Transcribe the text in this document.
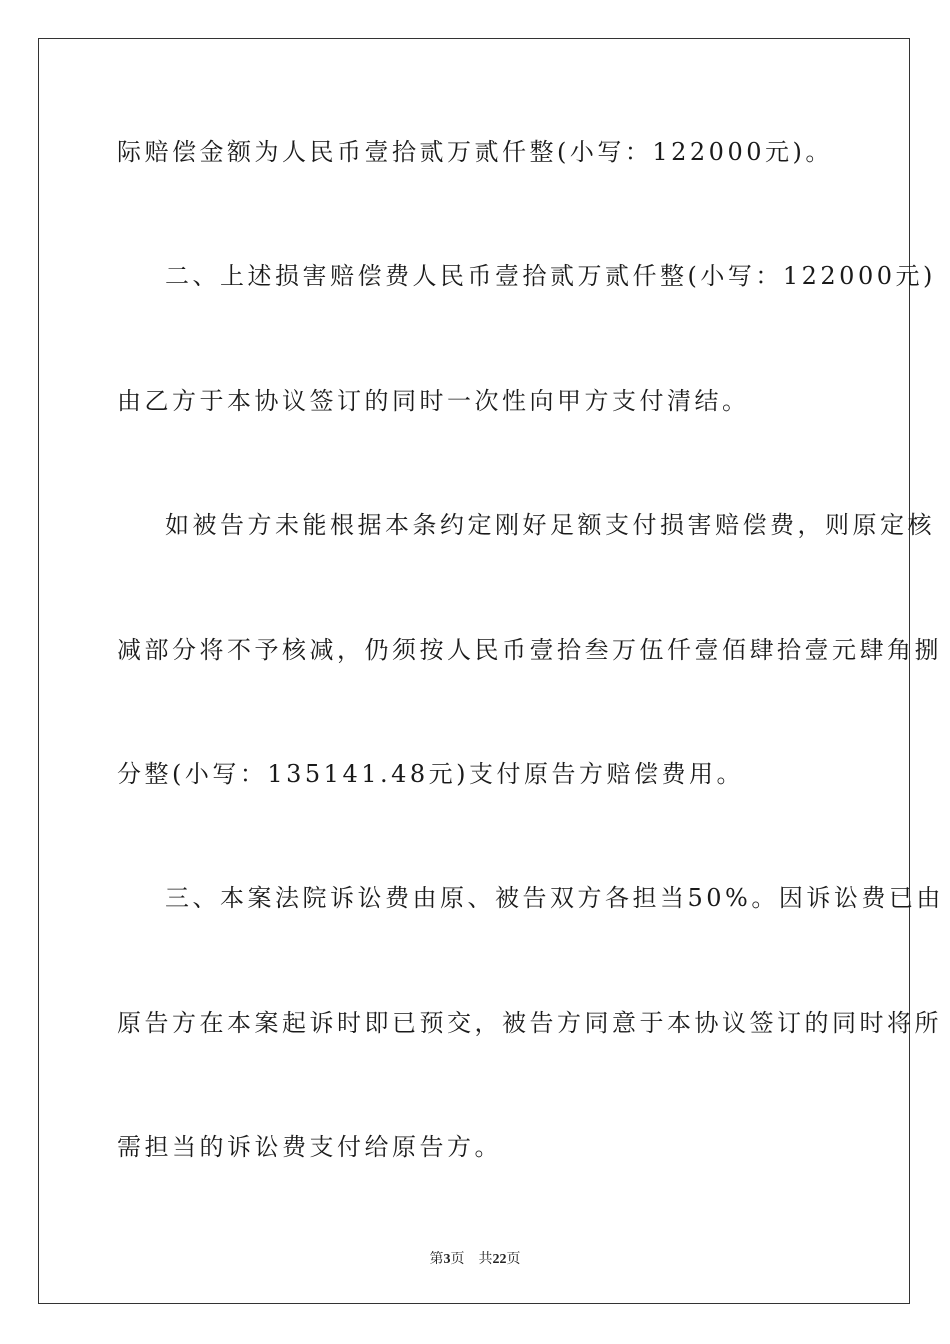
际赔偿金额为人民币壹拾贰万贰仟整(小写：122000元)。
二、上述损害赔偿费人民币壹拾贰万贰仟整(小写：122000元)
由乙方于本协议签订的同时一次性向甲方支付清结。
如被告方未能根据本条约定刚好足额支付损害赔偿费，则原定核
减部分将不予核减，仍须按人民币壹拾叁万伍仟壹佰肆拾壹元肆角捌
分整(小写：135141.48元)支付原告方赔偿费用。
三、本案法院诉讼费由原、被告双方各担当50%。因诉讼费已由
原告方在本案起诉时即已预交，被告方同意于本协议签订的同时将所
需担当的诉讼费支付给原告方。
第3页 共22页
